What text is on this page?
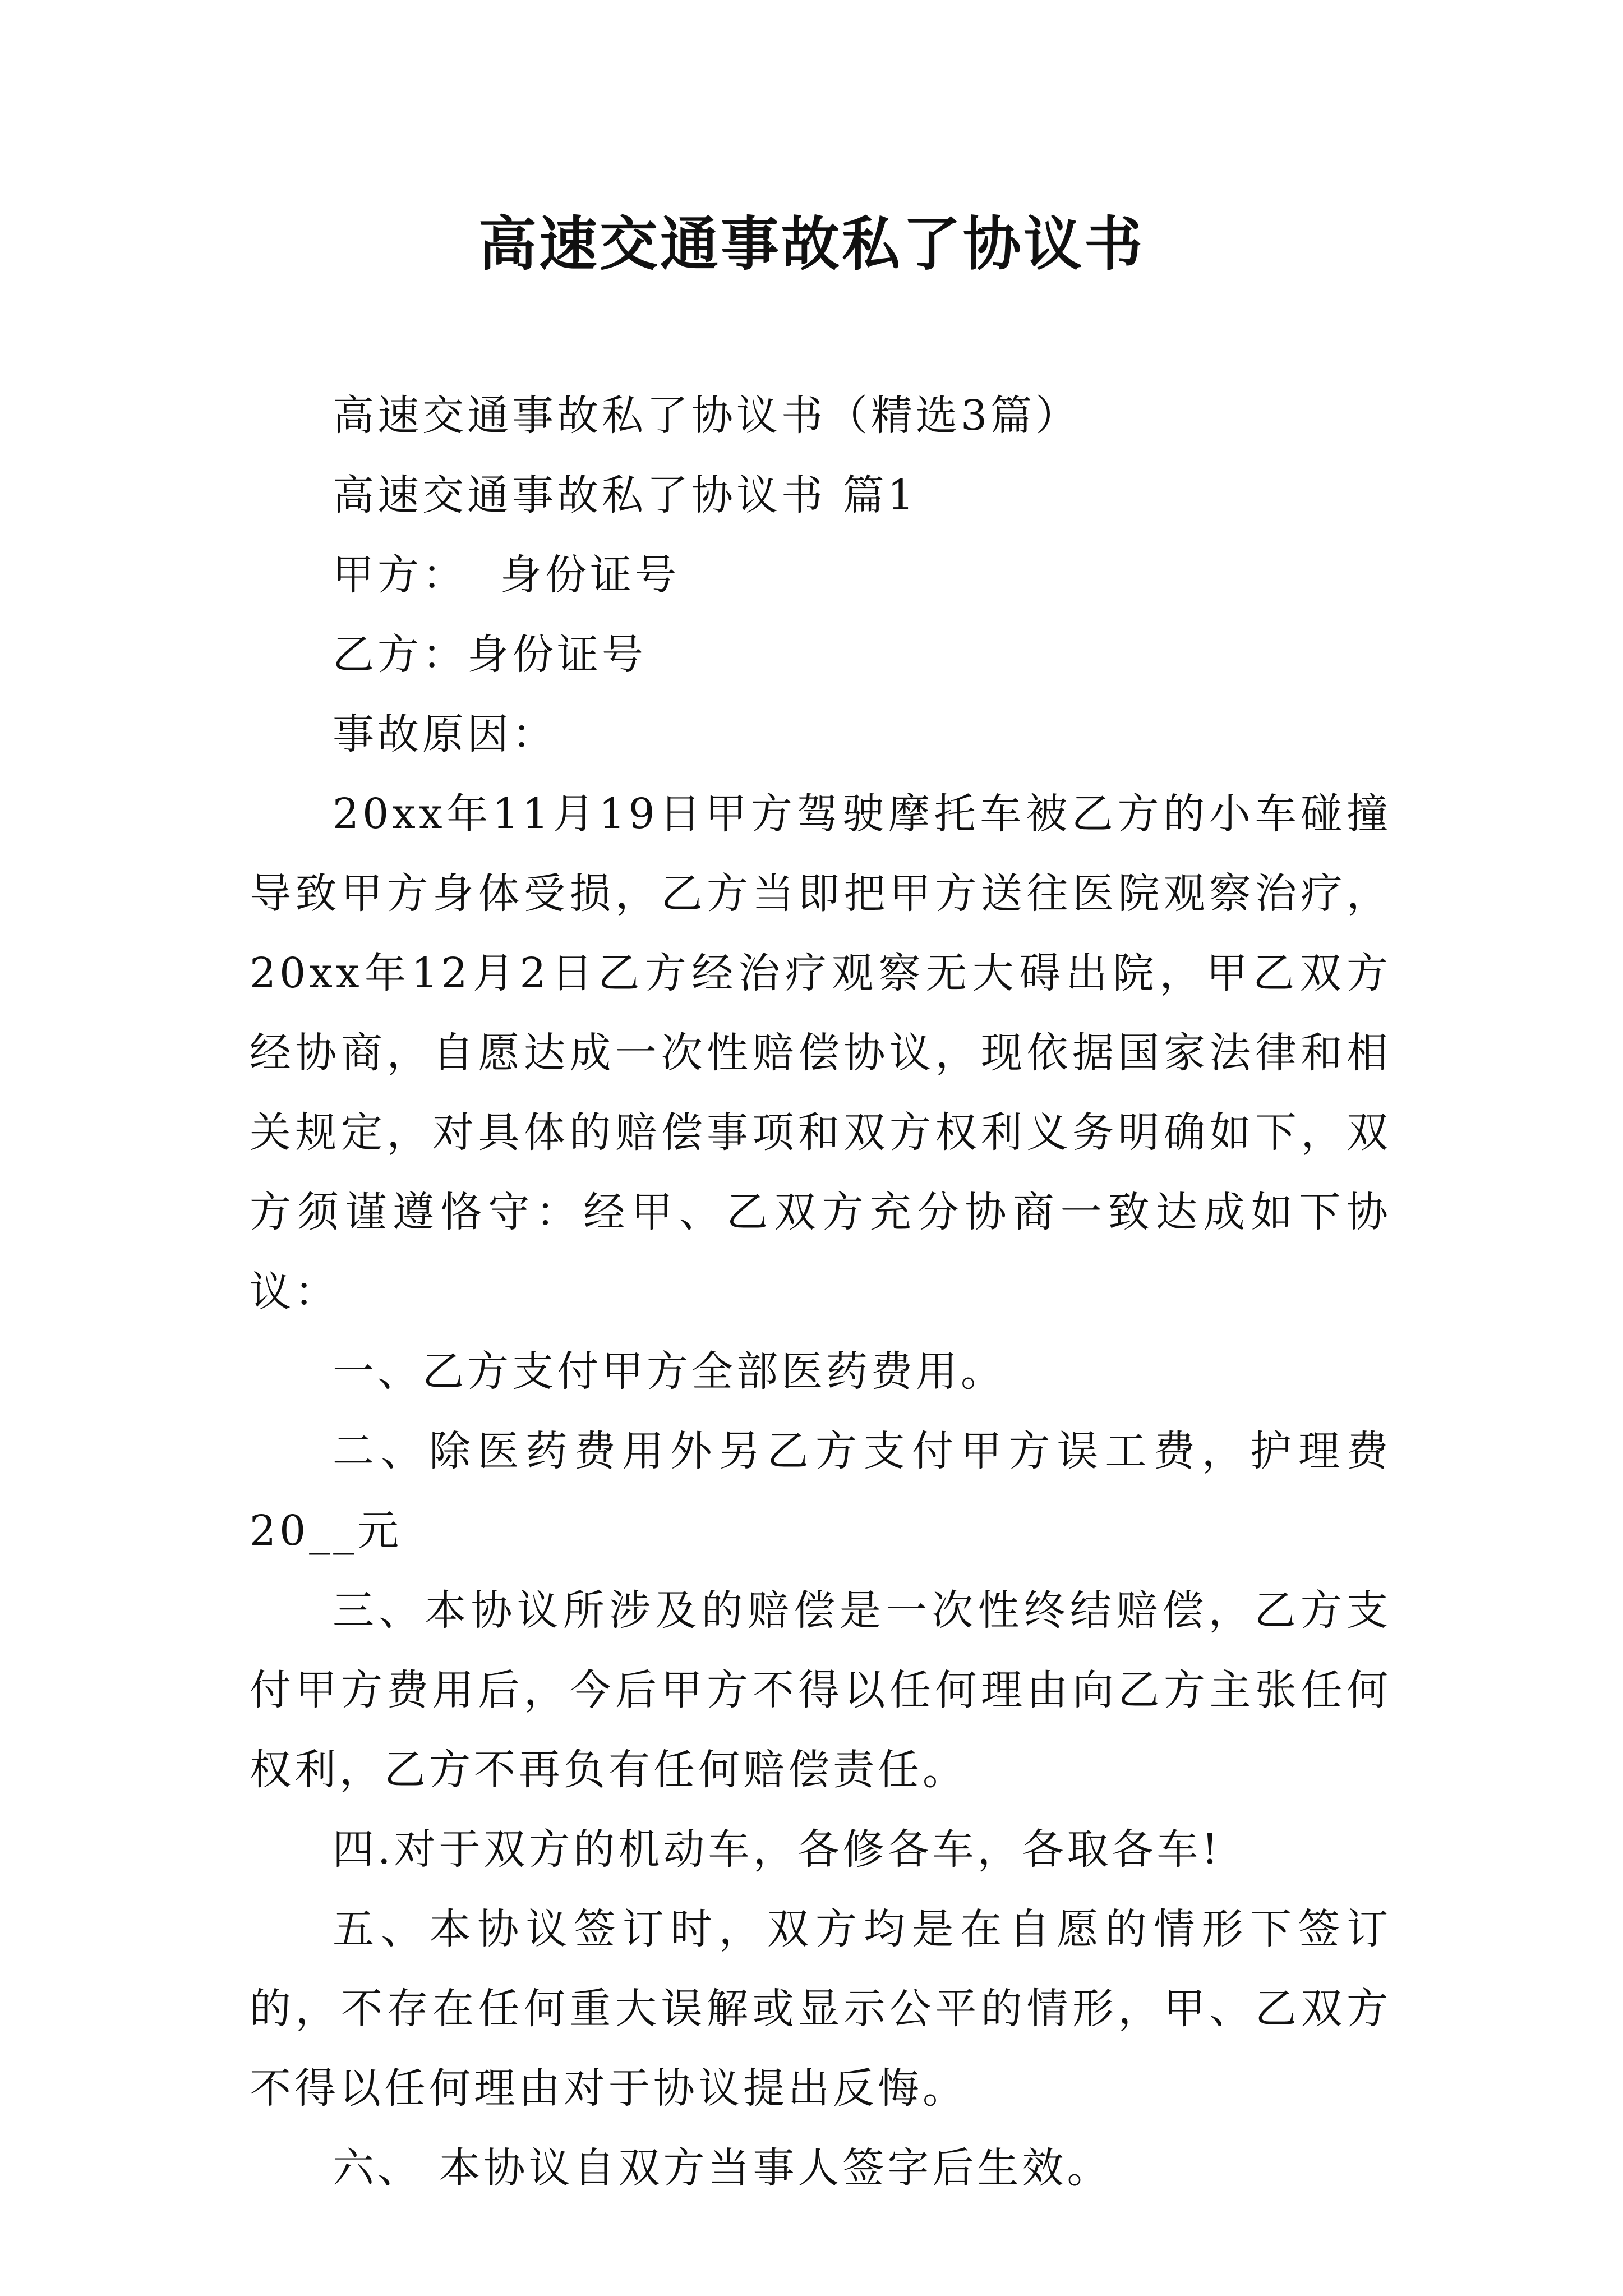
高速交通事故私了协议书

高速交通事故私了协议书（精选3篇）

高速交通事故私了协议书 篇1

甲方：  身份证号

乙方：身份证号

事故原因：

20xx年11月19日甲方驾驶摩托车被乙方的小车碰撞导致甲方身体受损，乙方当即把甲方送往医院观察治疗，20xx年12月2日乙方经治疗观察无大碍出院，甲乙双方经协商，自愿达成一次性赔偿协议，现依据国家法律和相关规定，对具体的赔偿事项和双方权利义务明确如下，双方须谨遵恪守：经甲、乙双方充分协商一致达成如下协议：

一、乙方支付甲方全部医药费用。

二、除医药费用外另乙方支付甲方误工费，护理费20__元

三、本协议所涉及的赔偿是一次性终结赔偿，乙方支付甲方费用后，今后甲方不得以任何理由向乙方主张任何权利，乙方不再负有任何赔偿责任。

四.对于双方的机动车，各修各车，各取各车!

五、本协议签订时，双方均是在自愿的情形下签订的，不存在任何重大误解或显示公平的情形，甲、乙双方不得以任何理由对于协议提出反悔。

六、 本协议自双方当事人签字后生效。
